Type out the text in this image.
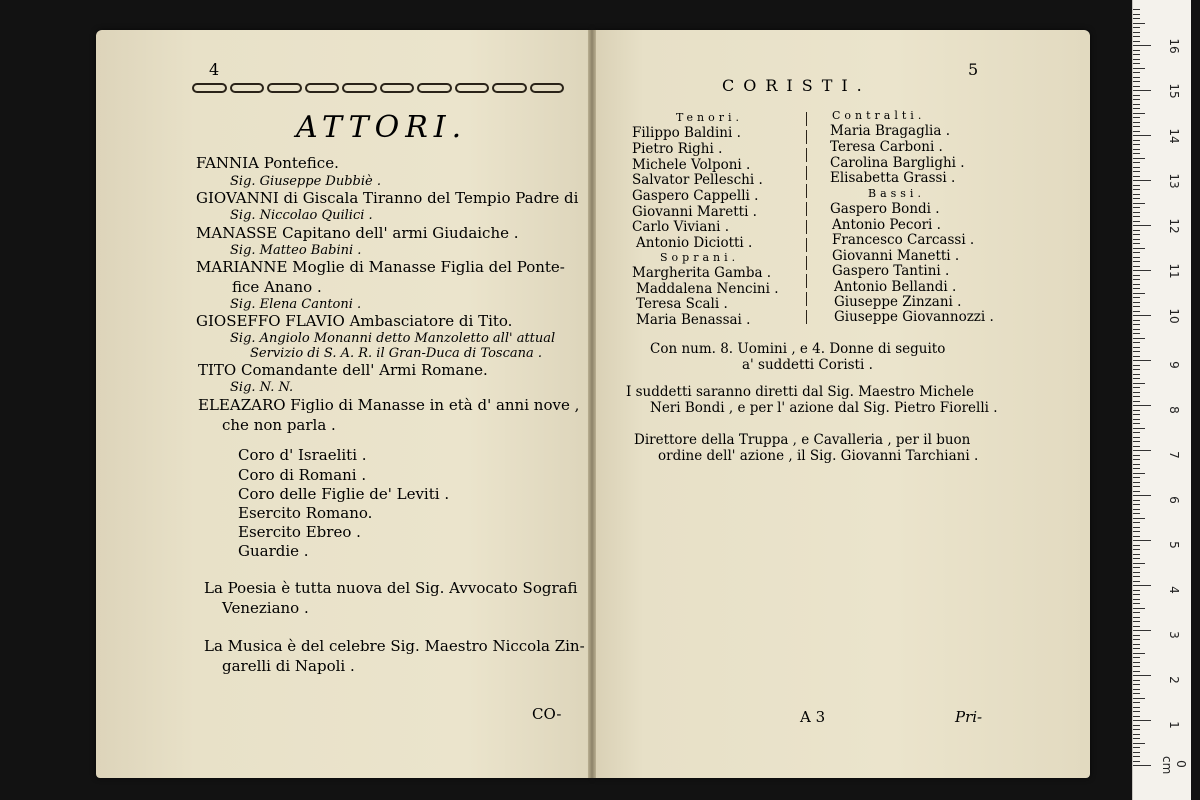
4
ATTORI.
FANNIA Pontefice.
Sig. Giuseppe Dubbiè .
GIOVANNI di Giscala Tiranno del Tempio Padre di
Sig. Niccolao Quilici .
MANASSE Capitano dell' armi Giudaiche .
Sig. Matteo Babini .
MARIANNE Moglie di Manasse Figlia del Ponte-
fice Anano .
Sig. Elena Cantoni .
GIOSEFFO FLAVIO Ambasciatore di Tito.
Sig. Angiolo Monanni detto Manzoletto all' attual
Servizio di S. A. R. il Gran-Duca di Toscana .
TITO Comandante dell' Armi Romane.
Sig. N. N.
ELEAZARO Figlio di Manasse in età d' anni nove ,
che non parla .
Coro d' Israeliti .
Coro di Romani .
Coro delle Figlie de' Leviti .
Esercito Romano.
Esercito Ebreo .
Guardie .
La Poesia è tutta nuova del Sig. Avvocato Sografi
Veneziano .
La Musica è del celebre Sig. Maestro Niccola Zin-
garelli di Napoli .
CO-
5
CORISTI.
Tenori.
Filippo Baldini .
Pietro Righi .
Michele Volponi .
Salvator Pelleschi .
Gaspero Cappelli .
Giovanni Maretti .
Carlo Viviani .
Antonio Diciotti .
Soprani.
Margherita Gamba .
Maddalena Nencini .
Teresa Scali .
Maria Benassai .
Contralti.
Maria Bragaglia .
Teresa Carboni .
Carolina Barglighi .
Elisabetta Grassi .
Bassi.
Gaspero Bondi .
Antonio Pecori .
Francesco Carcassi .
Giovanni Manetti .
Gaspero Tantini .
Antonio Bellandi .
Giuseppe Zinzani .
Giuseppe Giovannozzi .
Con num. 8. Uomini , e 4. Donne di seguito
a' suddetti Coristi .
I suddetti saranno diretti dal Sig. Maestro Michele
Neri Bondi , e per l' azione dal Sig. Pietro Fiorelli .
Direttore della Truppa , e Cavalleria , per il buon
ordine dell' azione , il Sig. Giovanni Tarchiani .
A 3	Pri-
0 cm
1
2
3
4
5
6
7
8
9
10
11
12
13
14
15
16
